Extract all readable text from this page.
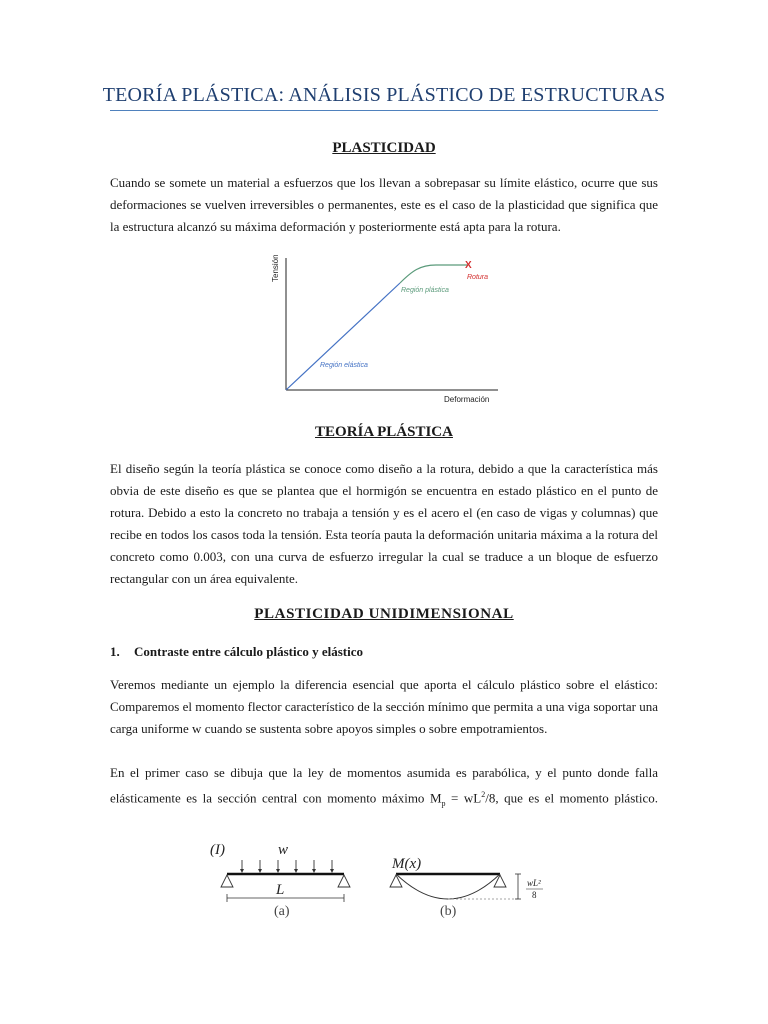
TEORÍA PLÁSTICA: ANÁLISIS PLÁSTICO DE ESTRUCTURAS
PLASTICIDAD
Cuando se somete un material a esfuerzos que los llevan a sobrepasar su límite elástico, ocurre que sus
deformaciones se vuelven irreversibles o permanentes, este es el caso de la plasticidad que significa que
la estructura alcanzó su máxima deformación y posteriormente está apta para la rotura.
Tensión
Deformación
X
Rotura
Región plástica
Región elástica
TEORÍA PLÁSTICA
El diseño según la teoría plástica se conoce como diseño a la rotura, debido a que la característica más
obvia de este diseño es que se plantea que el hormigón se encuentra en estado plástico en el punto de
rotura. Debido a esto la concreto no trabaja a tensión y es el acero el (en caso de vigas y columnas) que
recibe en todos los casos toda la tensión. Esta teoría pauta la deformación unitaria máxima a la rotura del
concreto como 0.003, con una curva de esfuerzo irregular la cual se traduce a un bloque de esfuerzo
rectangular con un área equivalente.
PLASTICIDAD UNIDIMENSIONAL
1. Contraste entre cálculo plástico y elástico
Veremos mediante un ejemplo la diferencia esencial que aporta el cálculo plástico sobre el elástico:
Comparemos el momento flector característico de la sección mínimo que permita a una viga soportar una
carga uniforme w cuando se sustenta sobre apoyos simples o sobre empotramientos.
En el primer caso se dibuja que la ley de momentos asumida es parabólica, y el punto donde falla
elásticamente es la sección central con momento máximo $M_p = wL^2/8$, que es el momento plástico.
(I)	w
L
(a)
M(x)
wL²
8
(b)
